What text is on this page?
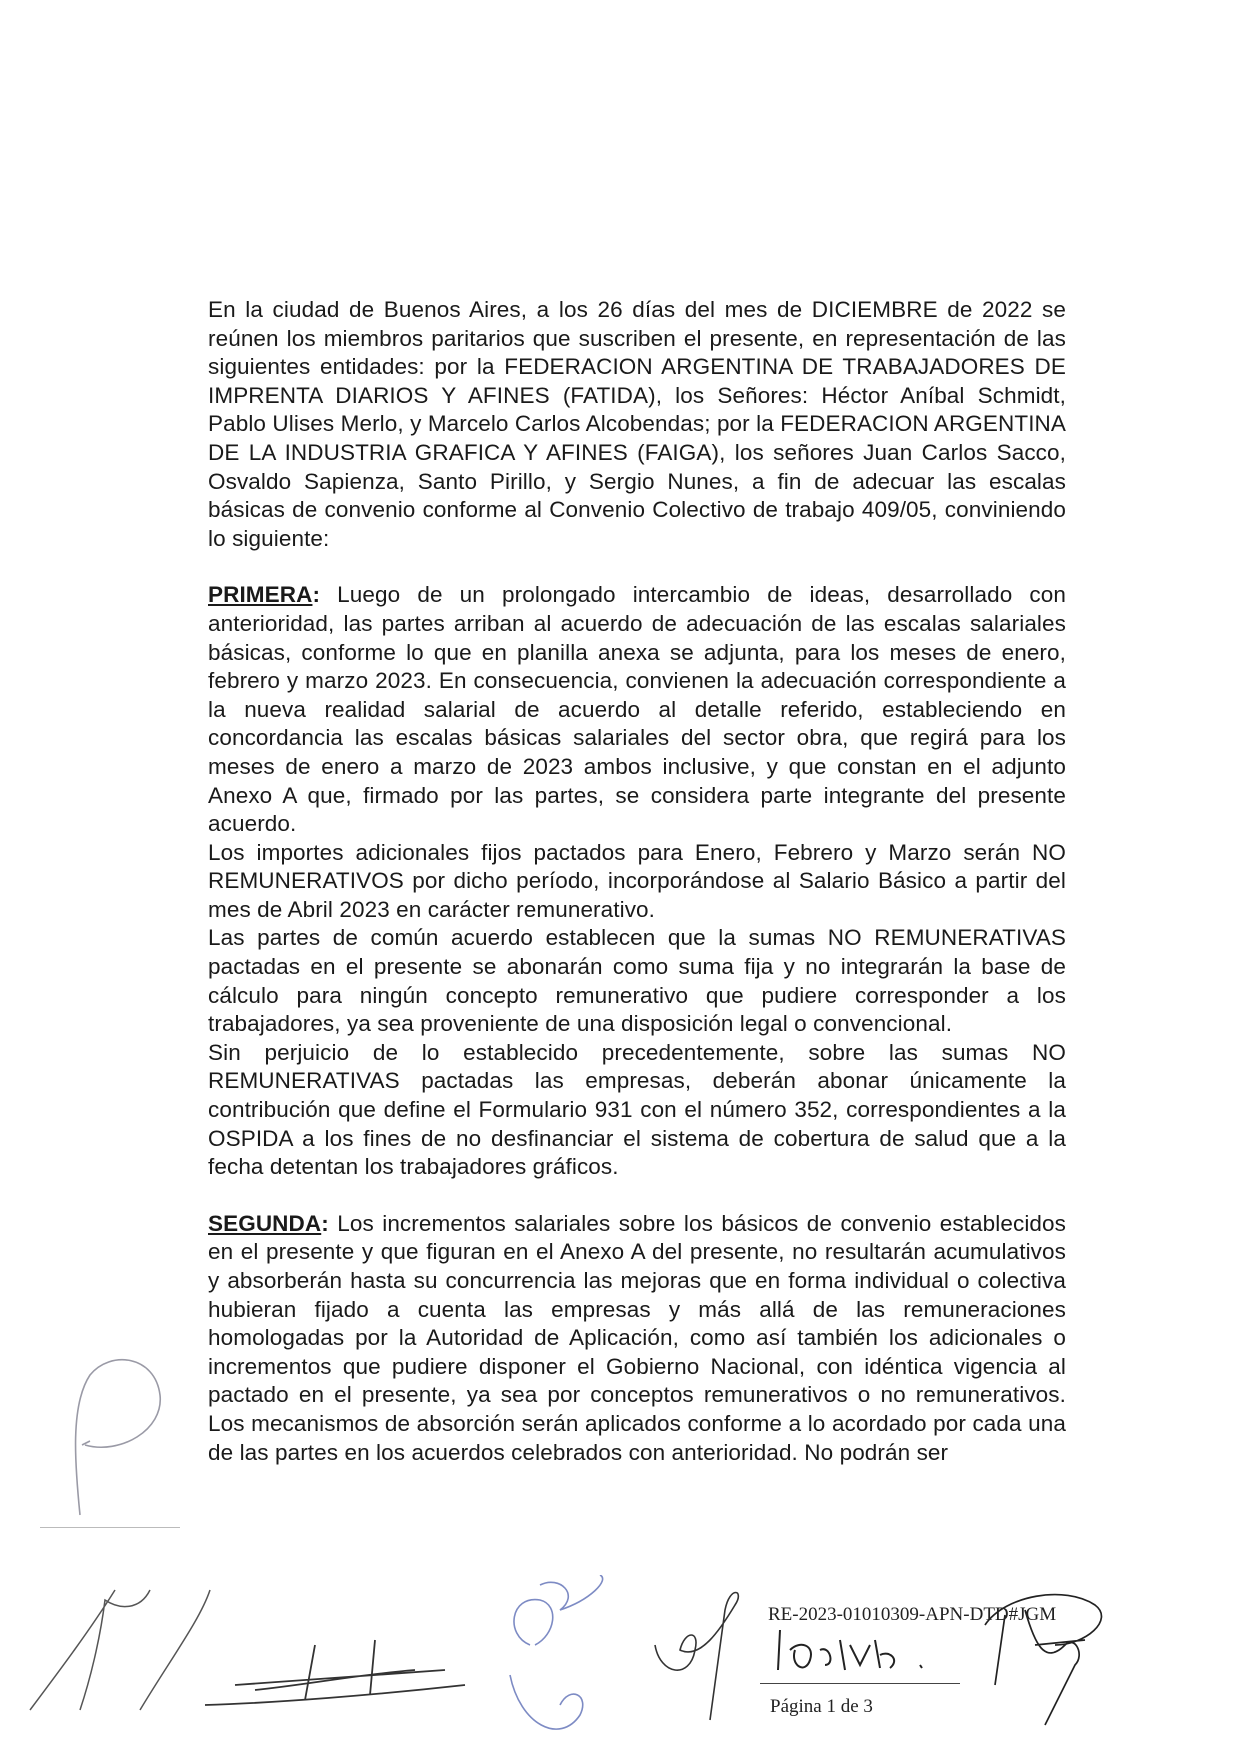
En la ciudad de Buenos Aires, a los 26 días del mes de DICIEMBRE de 2022 se reúnen los miembros paritarios que suscriben el presente, en representación de las siguientes entidades: por la FEDERACION ARGENTINA DE TRABAJADORES DE IMPRENTA DIARIOS Y AFINES (FATIDA), los Señores: Héctor Aníbal Schmidt, Pablo Ulises Merlo, y Marcelo Carlos Alcobendas; por la FEDERACION ARGENTINA DE LA INDUSTRIA GRAFICA Y AFINES (FAIGA), los señores Juan Carlos Sacco, Osvaldo Sapienza, Santo Pirillo, y Sergio Nunes, a fin de adecuar las escalas básicas de convenio conforme al Convenio Colectivo de trabajo 409/05, conviniendo lo siguiente:

PRIMERA: Luego de un prolongado intercambio de ideas, desarrollado con anterioridad, las partes arriban al acuerdo de adecuación de las escalas salariales básicas, conforme lo que en planilla anexa se adjunta, para los meses de enero, febrero y marzo 2023. En consecuencia, convienen la adecuación correspondiente a la nueva realidad salarial de acuerdo al detalle referido, estableciendo en concordancia las escalas básicas salariales del sector obra, que regirá para los meses de enero a marzo de 2023 ambos inclusive, y que constan en el adjunto Anexo A que, firmado por las partes, se considera parte integrante del presente acuerdo.

Los importes adicionales fijos pactados para Enero, Febrero y Marzo serán NO REMUNERATIVOS por dicho período, incorporándose al Salario Básico a partir del mes de Abril 2023 en carácter remunerativo.

Las partes de común acuerdo establecen que la sumas NO REMUNERATIVAS pactadas en el presente se abonarán como suma fija y no integrarán la base de cálculo para ningún concepto remunerativo que pudiere corresponder a los trabajadores, ya sea proveniente de una disposición legal o convencional.

Sin perjuicio de lo establecido precedentemente, sobre las sumas NO REMUNERATIVAS pactadas las empresas, deberán abonar únicamente la contribución que define el Formulario 931 con el número 352, correspondientes a la OSPIDA a los fines de no desfinanciar el sistema de cobertura de salud que a la fecha detentan los trabajadores gráficos.

SEGUNDA: Los incrementos salariales sobre los básicos de convenio establecidos en el presente y que figuran en el Anexo A del presente, no resultarán acumulativos y absorberán hasta su concurrencia las mejoras que en forma individual o colectiva hubieran fijado a cuenta las empresas y más allá de las remuneraciones homologadas por la Autoridad de Aplicación, como así también los adicionales o incrementos que pudiere disponer el Gobierno Nacional, con idéntica vigencia al pactado en el presente, ya sea por conceptos remunerativos o no remunerativos. Los mecanismos de absorción serán aplicados conforme a lo acordado por cada una de las partes en los acuerdos celebrados con anterioridad. No podrán ser

RE-2023-01010309-APN-DTD#JGM
Página 1 de 3
